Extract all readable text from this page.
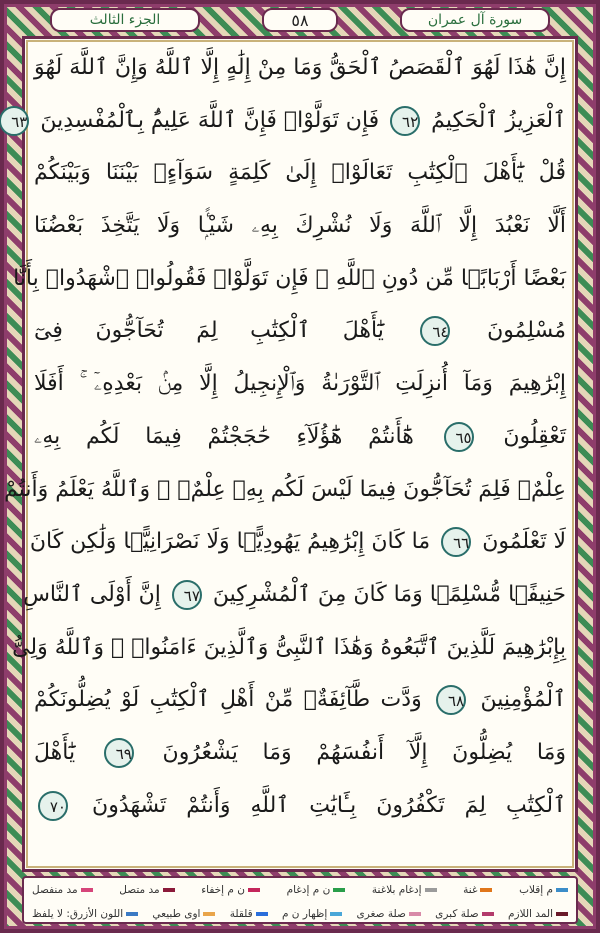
الجزء الثالث	٥٨	سورة آل عمران
إِنَّ هَٰذَا لَهُوَ ٱلْقَصَصُ ٱلْحَقُّ وَمَا مِنْ إِلَٰهٍ إِلَّا ٱللَّهُ وَإِنَّ ٱللَّهَ لَهُوَ
ٱلْعَزِيزُ ٱلْحَكِيمُ ٦٢ فَإِن تَوَلَّوْا۟ فَإِنَّ ٱللَّهَ عَلِيمٌۢ بِٱلْمُفْسِدِينَ ٦٣
قُلْ يَٰٓأَهْلَ ٱلْكِتَٰبِ تَعَالَوْا۟ إِلَىٰ كَلِمَةٍ سَوَآءٍۭ بَيْنَنَا وَبَيْنَكُمْ
أَلَّا نَعْبُدَ إِلَّا ٱللَّهَ وَلَا نُشْرِكَ بِهِۦ شَيْـًۭٔا وَلَا يَتَّخِذَ بَعْضُنَا
بَعْضًا أَرْبَابًۭا مِّن دُونِ ٱللَّهِ ۚ فَإِن تَوَلَّوْا۟ فَقُولُوا۟ ٱشْهَدُوا۟ بِأَنَّا
مُسْلِمُونَ ٦٤ يَٰٓأَهْلَ ٱلْكِتَٰبِ لِمَ تُحَآجُّونَ فِىٓ
إِبْرَٰهِيمَ وَمَآ أُنزِلَتِ ٱلتَّوْرَىٰةُ وَٱلْإِنجِيلُ إِلَّا مِنۢ بَعْدِهِۦٓ ۚ أَفَلَا
تَعْقِلُونَ ٦٥ هَٰٓأَنتُمْ هَٰٓؤُلَآءِ حَٰجَجْتُمْ فِيمَا لَكُم بِهِۦ
عِلْمٌۭ فَلِمَ تُحَآجُّونَ فِيمَا لَيْسَ لَكُم بِهِۦ عِلْمٌۭ ۚ وَٱللَّهُ يَعْلَمُ وَأَنتُمْ
لَا تَعْلَمُونَ ٦٦ مَا كَانَ إِبْرَٰهِيمُ يَهُودِيًّۭا وَلَا نَصْرَانِيًّۭا وَلَٰكِن كَانَ
حَنِيفًۭا مُّسْلِمًۭا وَمَا كَانَ مِنَ ٱلْمُشْرِكِينَ ٦٧ إِنَّ أَوْلَى ٱلنَّاسِ
بِإِبْرَٰهِيمَ لَلَّذِينَ ٱتَّبَعُوهُ وَهَٰذَا ٱلنَّبِىُّ وَٱلَّذِينَ ءَامَنُوا۟ ۗ وَٱللَّهُ وَلِىُّ
ٱلْمُؤْمِنِينَ ٦٨ وَدَّت طَّآئِفَةٌۭ مِّنْ أَهْلِ ٱلْكِتَٰبِ لَوْ يُضِلُّونَكُمْ
وَمَا يُضِلُّونَ إِلَّآ أَنفُسَهُمْ وَمَا يَشْعُرُونَ ٦٩ يَٰٓأَهْلَ
ٱلْكِتَٰبِ لِمَ تَكْفُرُونَ بِـَٔايَٰتِ ٱللَّهِ وَأَنتُمْ تَشْهَدُونَ ٧٠
م إقلاب
غنة
إدغام بلاغنة
ن م إدغام
ن م إخفاء
مد متصل
مد منفصل
المد اللازم
صلة كبرى
صلة صغرى
إظهار ن م
قلقلة
اوى طبيعي
اللون الأزرق: لا يلفظ
